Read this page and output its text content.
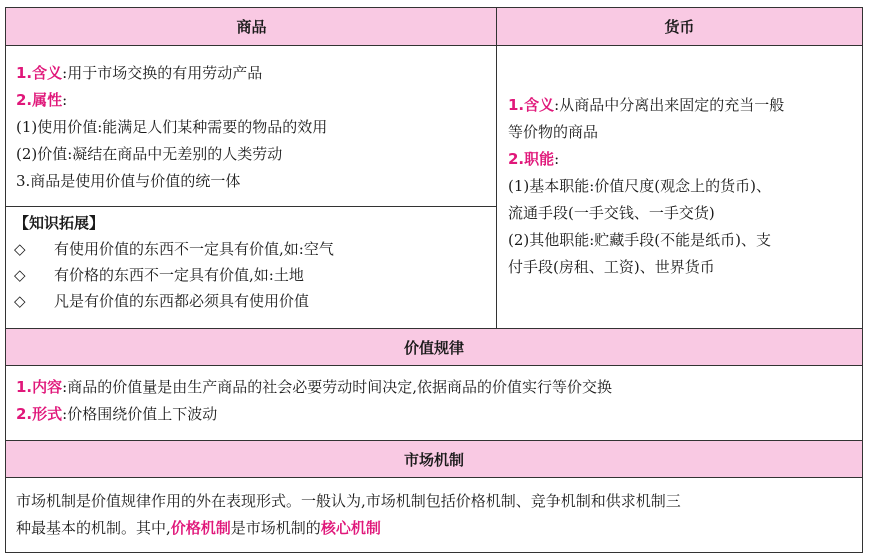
商品	货币
1.含义:用于市场交换的有用劳动产品
2.属性:
(1)使用价值:能满足人们某种需要的物品的效用
(2)价值:凝结在商品中无差别的人类劳动
3.商品是使用价值与价值的统一体
【知识拓展】
◇ 有使用价值的东西不一定具有价值,如:空气
◇ 有价格的东西不一定具有价值,如:土地
◇ 凡是有价值的东西都必须具有使用价值
1.含义:从商品中分离出来固定的充当一般
等价物的商品
2.职能:
(1)基本职能:价值尺度(观念上的货币)、
流通手段(一手交钱、一手交货)
(2)其他职能:贮藏手段(不能是纸币)、支
付手段(房租、工资)、世界货币
价值规律
1.内容:商品的价值量是由生产商品的社会必要劳动时间决定,依据商品的价值实行等价交换
2.形式:价格围绕价值上下波动
市场机制
市场机制是价值规律作用的外在表现形式。一般认为,市场机制包括价格机制、竞争机制和供求机制三
种最基本的机制。其中,价格机制是市场机制的核心机制
